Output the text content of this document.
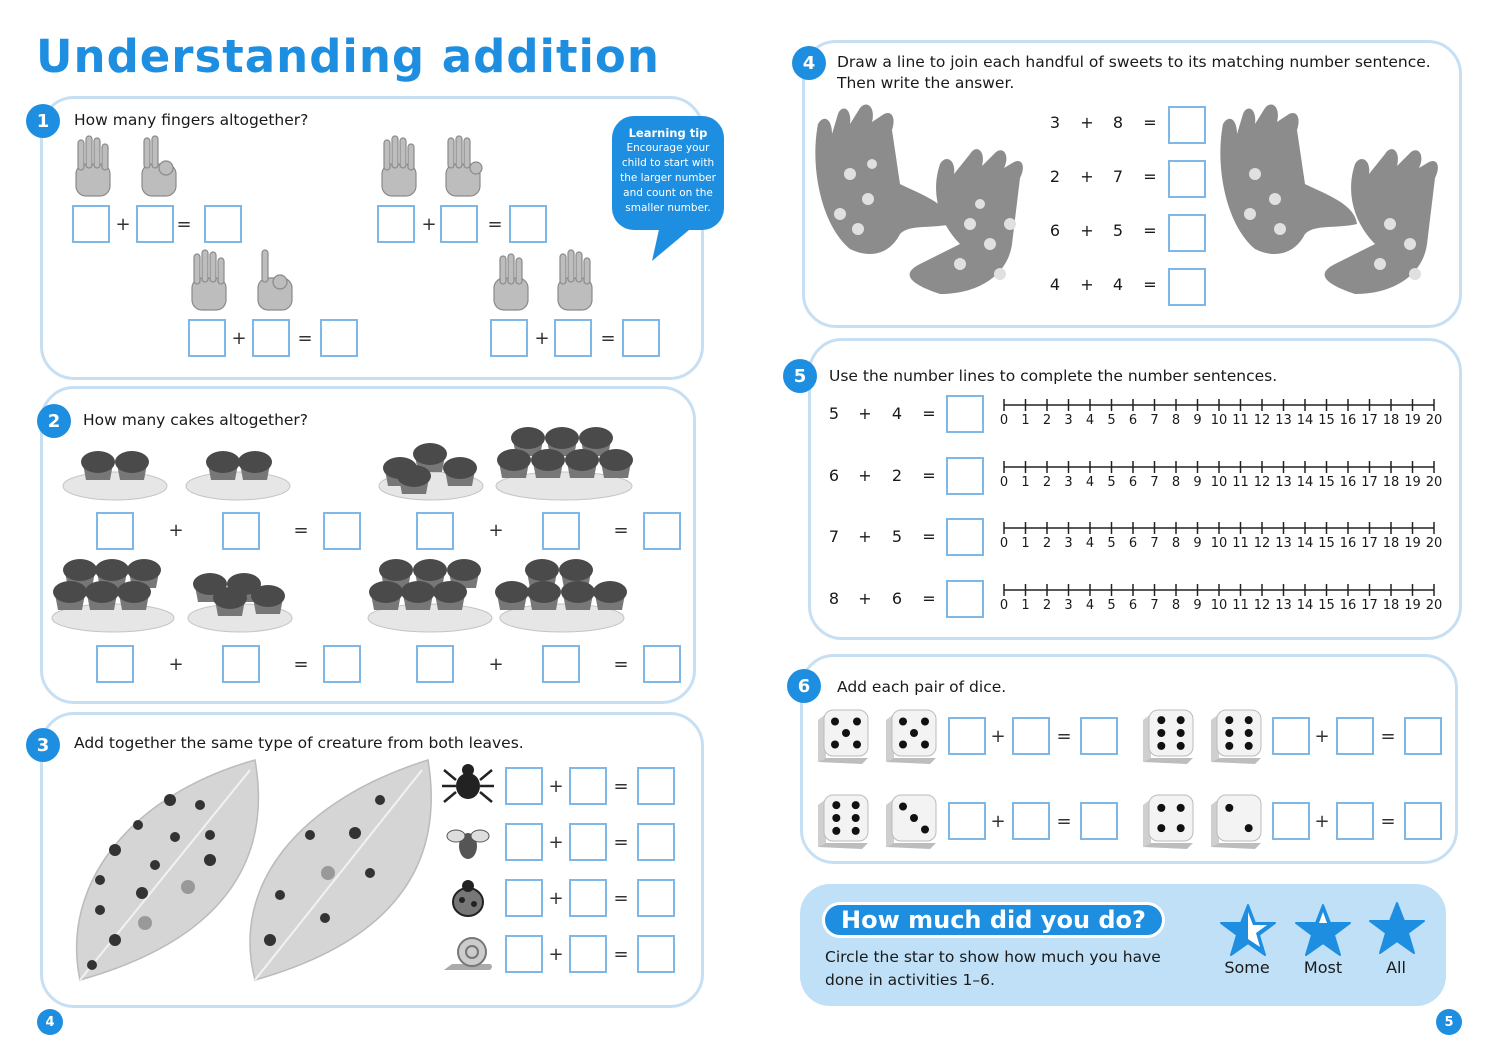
Understanding addition
1	How many fingers altogether?
Learning tip
Encourage your child to start with the larger number and count on the smaller number.
+	=	+	=
+	=	+	=
2	How many cakes altogether?
+	=	+	=
+	=	+	=
3	Add together the same type of creature from both leaves.
+	=
+	=
+	=
+	=
4
4	Draw a line to join each handful of sweets to its matching number sentence.
Then write the answer.
3	+	8	=
2	+	7	=
6	+	5	=
4	+	4	=
5	Use the number lines to complete the number sentences.
5	+	4	=	0	1	2	3	4	5	6	7	8	9 10 11 12 13 14 15 16 17 18 19 20
6	+	2	=	0	1	2	3	4	5	6	7	8	9 10 11 12 13 14 15 16 17 18 19 20
7	+	5	=	0	1	2	3	4	5	6	7	8	9 10 11 12 13 14 15 16 17 18 19 20
8	+	6	=	0	1	2	3	4	5	6	7	8	9 10 11 12 13 14 15 16 17 18 19 20
6	Add each pair of dice.
+	=	+	=
+	=	+	=
How much did you do?
Circle the star to show how much you have done in activities 1–6.
Some	Most	All
5
